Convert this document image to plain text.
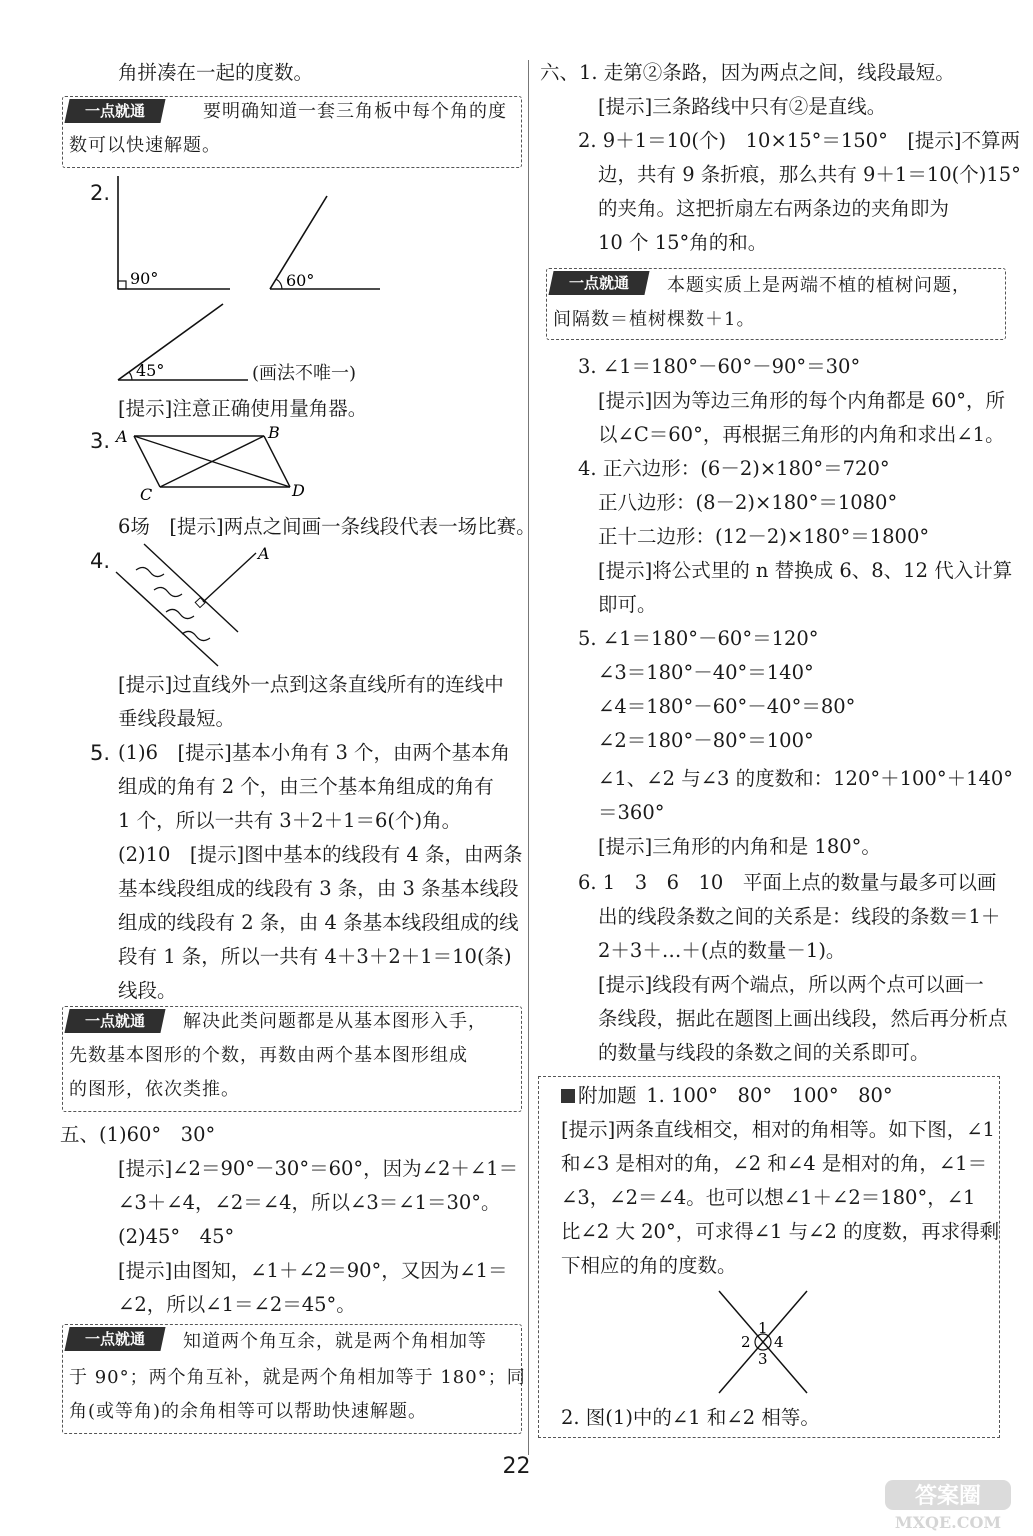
角拼凑在一起的度数。
一点就通	要明确知道一套三角板中每个角的度
数可以快速解题。
2.
90°	60°
45°	(画法不唯一)
[提示]注意正确使用量角器。
3. A	B
C	D
6场　[提示]两点之间画一条线段代表一场比赛。
4.	A
[提示]过直线外一点到这条直线所有的连线中
垂线段最短。
5. (1)6　[提示]基本小角有 3 个，由两个基本角
组成的角有 2 个，由三个基本角组成的角有
1 个，所以一共有 3＋2＋1＝6(个)角。
(2)10　[提示]图中基本的线段有 4 条，由两条
基本线段组成的线段有 3 条，由 3 条基本线段
组成的线段有 2 条，由 4 条基本线段组成的线
段有 1 条，所以一共有 4＋3＋2＋1＝10(条)
线段。
一点就通	解决此类问题都是从基本图形入手，
先数基本图形的个数，再数由两个基本图形组成
的图形，依次类推。
五、(1)60°　30°
[提示]∠2＝90°－30°＝60°，因为∠2＋∠1＝
∠3＋∠4，∠2＝∠4，所以∠3＝∠1＝30°。
(2)45°　45°
[提示]由图知，∠1＋∠2＝90°，又因为∠1＝
∠2，所以∠1＝∠2＝45°。
一点就通	知道两个角互余，就是两个角相加等
于 90°；两个角互补，就是两个角相加等于 180°；同
角(或等角)的余角相等可以帮助快速解题。
六、1. 走第②条路，因为两点之间，线段最短。
[提示]三条路线中只有②是直线。
2. 9＋1＝10(个)　10×15°＝150°　[提示]不算两
边，共有 9 条折痕，那么共有 9＋1＝10(个)15°
的夹角。这把折扇左右两条边的夹角即为
10 个 15°角的和。
一点就通	本题实质上是两端不植的植树问题，
间隔数＝植树棵数＋1。
3. ∠1＝180°－60°－90°＝30°
[提示]因为等边三角形的每个内角都是 60°，所
以∠C＝60°，再根据三角形的内角和求出∠1。
4. 正六边形：(6－2)×180°＝720°
正八边形：(8－2)×180°＝1080°
正十二边形：(12－2)×180°＝1800°
[提示]将公式里的 n 替换成 6、8、12 代入计算
即可。
5. ∠1＝180°－60°＝120°
∠3＝180°－40°＝140°
∠4＝180°－60°－40°＝80°
∠2＝180°－80°＝100°
∠1、∠2 与∠3 的度数和：120°＋100°＋140°
＝360°
[提示]三角形的内角和是 180°。
6. 1　3　6　10　平面上点的数量与最多可以画
出的线段条数之间的关系是：线段的条数＝1＋
2＋3＋…＋(点的数量－1)。
[提示]线段有两个端点，所以两个点可以画一
条线段，据此在题图上画出线段，然后再分析点
的数量与线段的条数之间的关系即可。
附加题  1. 100°　80°　100°　80°
[提示]两条直线相交，相对的角相等。如下图，∠1
和∠3 是相对的角，∠2 和∠4 是相对的角，∠1＝
∠3，∠2＝∠4。也可以想∠1＋∠2＝180°，∠1
比∠2 大 20°，可求得∠1 与∠2 的度数，再求得剩
下相应的角的度数。
1
2
3
4
2. 图(1)中的∠1 和∠2 相等。
22
答案圈
MXQE.COM
